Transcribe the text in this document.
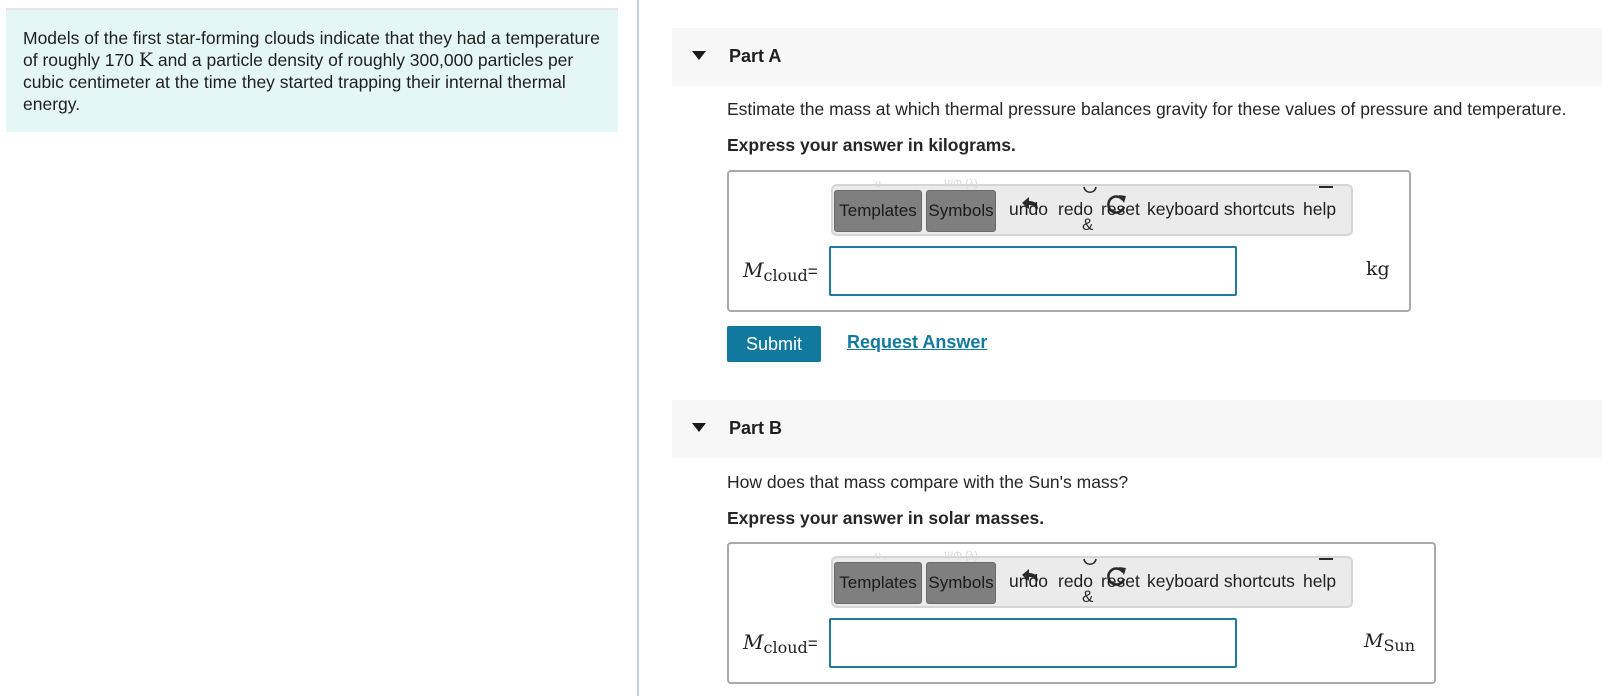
Models of the first star-forming clouds indicate that they had a temperature of roughly 170 K and a particle density of roughly 300,000 particles per cubic centimeter at the time they started trapping their internal thermal energy.
Part A
Estimate the mass at which thermal pressure balances gravity for these values of pressure and temperature.
Express your answer in kilograms.
υ
Templates
ΨΦ (λ)
Symbols undo redo
&
reset keyboard shortcuts help
$M_{cloud}=$	kg
Submit	Request Answer
Part B
How does that mass compare with the Sun's mass?
Express your answer in solar masses.
υ
Templates
ΨΦ (λ)
Symbols undo redo
&
reset keyboard shortcuts help
$M_{cloud}=$	$M_{Sun}$
